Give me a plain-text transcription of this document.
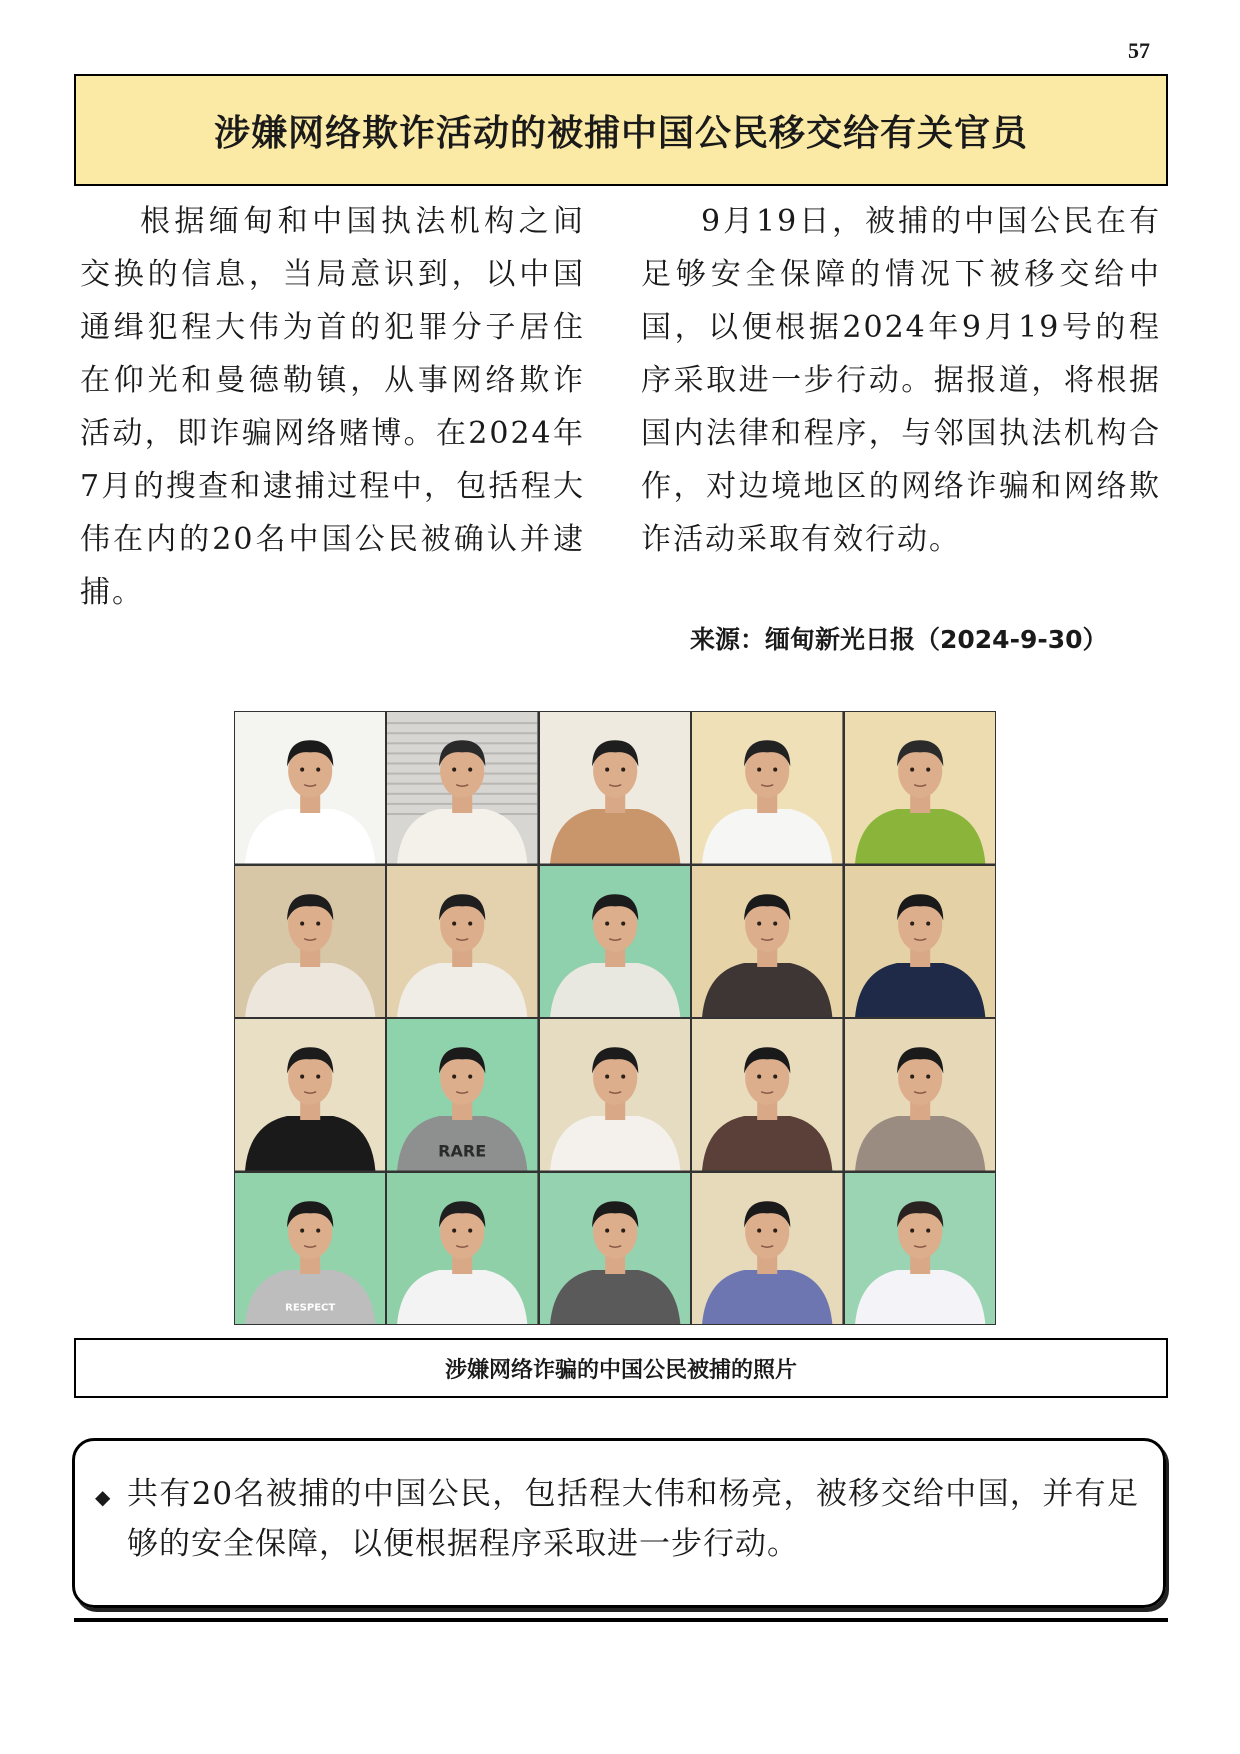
57
涉嫌网络欺诈活动的被捕中国公民移交给有关官员

根据缅甸和中国执法机构之间交换的信息，当局意识到，以中国通缉犯程大伟为首的犯罪分子居住在仰光和曼德勒镇，从事网络欺诈活动，即诈骗网络赌博。在2024年7月的搜查和逮捕过程中，包括程大伟在内的20名中国公民被确认并逮捕。

9月19日，被捕的中国公民在有足够安全保障的情况下被移交给中国，以便根据2024年9月19号的程序采取进一步行动。据报道，将根据国内法律和程序，与邻国执法机构合作，对边境地区的网络诈骗和网络欺诈活动采取有效行动。

来源：缅甸新光日报（2024-9-30）
RARE
RESPECT
涉嫌网络诈骗的中国公民被捕的照片
◆ 共有20名被捕的中国公民，包括程大伟和杨亮，被移交给中国，并有足够的安全保障，以便根据程序采取进一步行动。
